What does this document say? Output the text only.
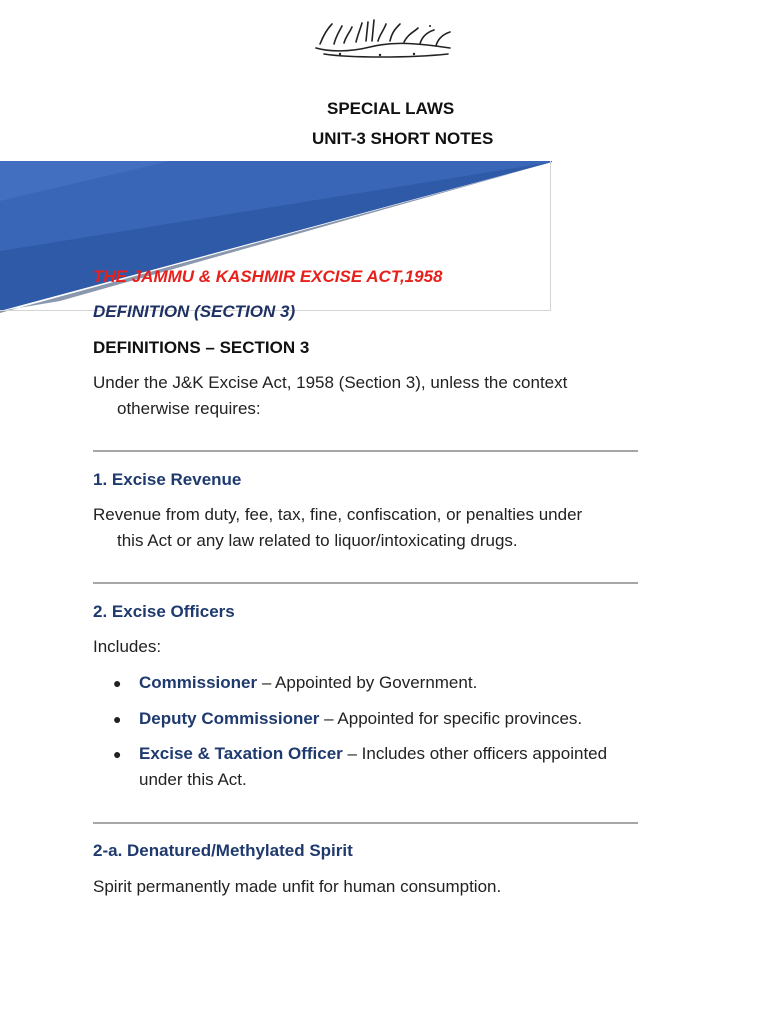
SPECIAL LAWS
UNIT-3 SHORT NOTES
THE JAMMU & KASHMIR EXCISE ACT,1958
DEFINITION (SECTION 3)
DEFINITIONS – SECTION 3
Under the J&K Excise Act, 1958 (Section 3), unless the context
otherwise requires:
1. Excise Revenue
Revenue from duty, fee, tax, fine, confiscation, or penalties under
this Act or any law related to liquor/intoxicating drugs.
2. Excise Officers
Includes:
● Commissioner – Appointed by Government.
● Deputy Commissioner – Appointed for specific provinces.
● Excise & Taxation Officer – Includes other officers appointed
under this Act.
2-a. Denatured/Methylated Spirit
Spirit permanently made unfit for human consumption.
